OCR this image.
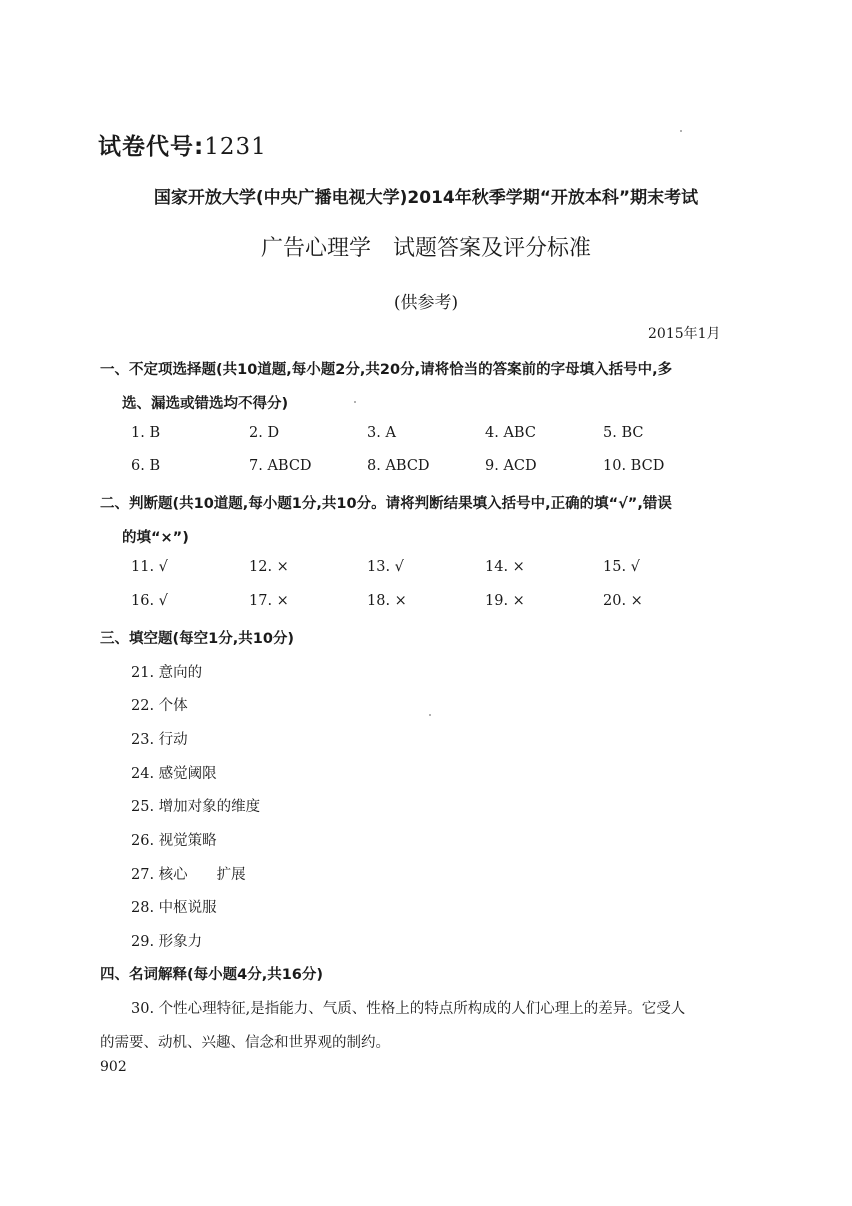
试卷代号:1231
国家开放大学(中央广播电视大学)2014年秋季学期“开放本科”期末考试
广告心理学　试题答案及评分标准
(供参考)
2015年1月
一、不定项选择题(共10道题,每小题2分,共20分,请将恰当的答案前的字母填入括号中,多
选、漏选或错选均不得分)
1. B	2. D	3. A	4. ABC	5. BC
6. B	7. ABCD	8. ABCD	9. ACD	10. BCD
二、判断题(共10道题,每小题1分,共10分。请将判断结果填入括号中,正确的填“√”,错误
的填“×”)
11. √	12. ×	13. √	14. ×	15. √
16. √	17. ×	18. ×	19. ×	20. ×
三、填空题(每空1分,共10分)
21. 意向的
22. 个体
23. 行动
24. 感觉阈限
25. 增加对象的维度
26. 视觉策略
27. 核心　　扩展
28. 中枢说服
29. 形象力
四、名词解释(每小题4分,共16分)
30. 个性心理特征,是指能力、气质、性格上的特点所构成的人们心理上的差异。它受人
的需要、动机、兴趣、信念和世界观的制约。
902
